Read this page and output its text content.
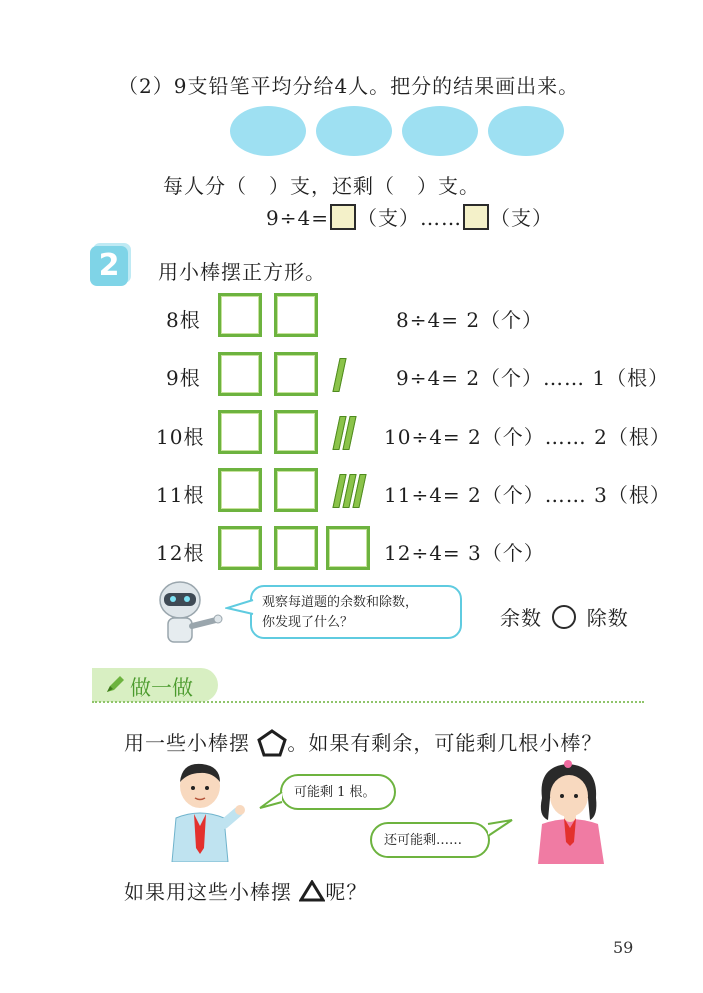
（2）9支铅笔平均分给4人。把分的结果画出来。
每人分（ ）支，还剩（ ）支。
9÷4= （支）…… （支）
2	用小棒摆正方形。
8根	8÷4= 2（个）
9根	9÷4= 2（个）…… 1（根）
10根	10÷4= 2（个）…… 2（根）
11根	11÷4= 2（个）…… 3（根）
12根	12÷4= 3（个）
观察每道题的余数和除数，
你发现了什么？	余数 除数
做一做
用一些小棒摆 。如果有剩余，可能剩几根小棒？
可能剩 1 根。
还可能剩……
如果用这些小棒摆 呢？
59
